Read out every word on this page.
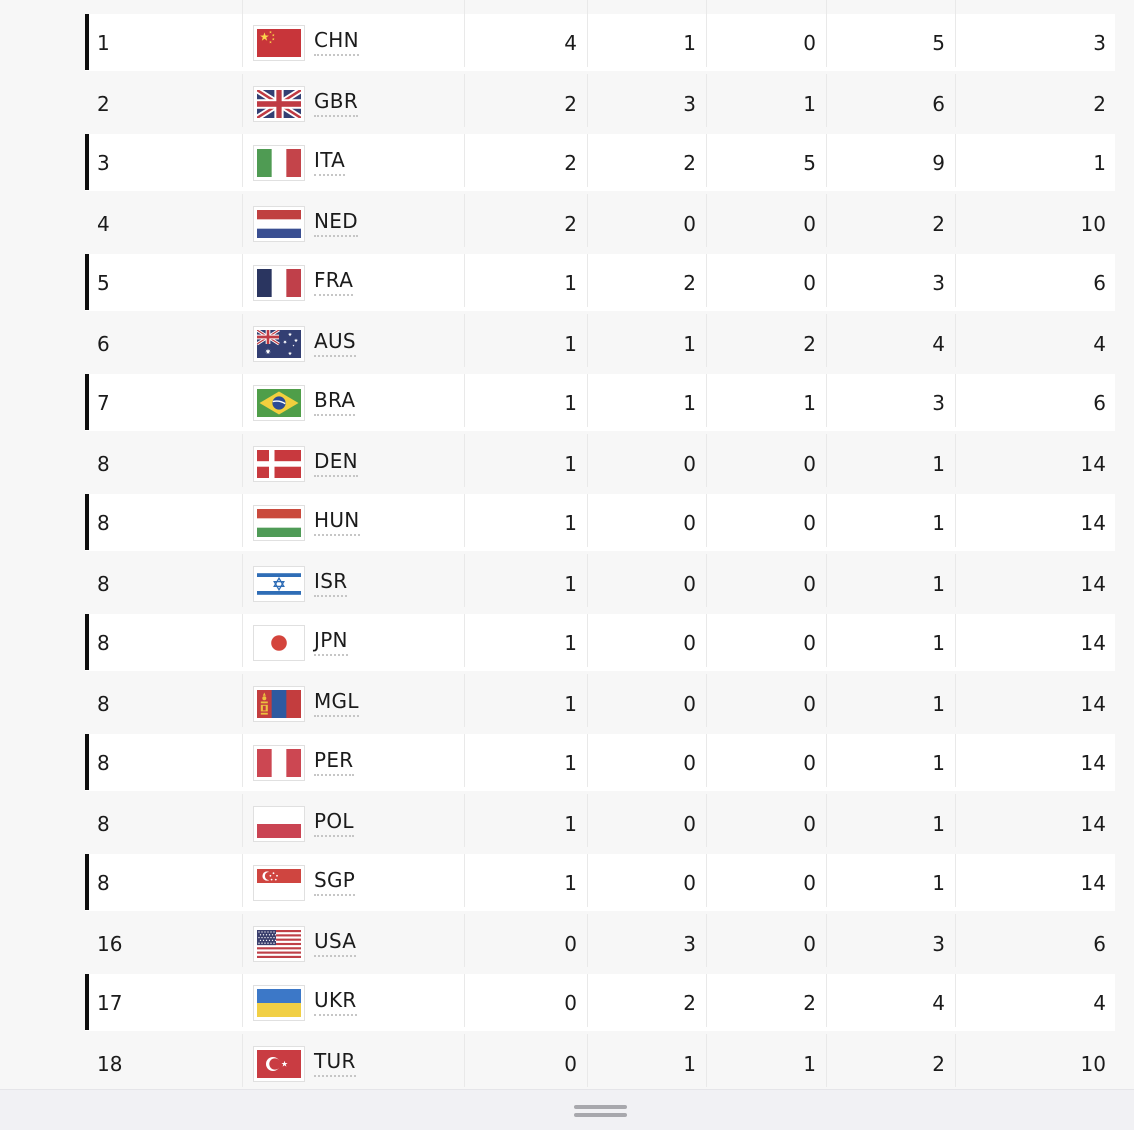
1	CHN	4	1	0	5	3
2	GBR	2	3	1	6	2
3	ITA	2	2	5	9	1
4	NED	2	0	0	2	10
5	FRA	1	2	0	3	6
6	AUS	1	1	2	4	4
7	BRA	1	1	1	3	6
8	DEN	1	0	0	1	14
8	HUN	1	0	0	1	14
8	ISR	1	0	0	1	14
8	JPN	1	0	0	1	14
8	MGL	1	0	0	1	14
8	PER	1	0	0	1	14
8	POL	1	0	0	1	14
8	SGP	1	0	0	1	14
16	USA	0	3	0	3	6
17	UKR	0	2	2	4	4
18	TUR	0	1	1	2	10
